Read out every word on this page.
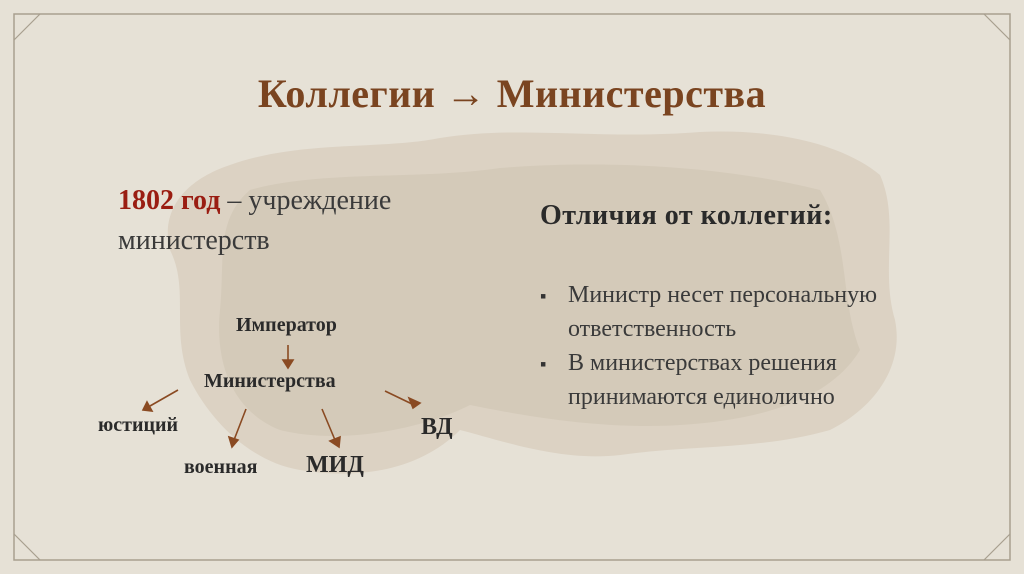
Коллегии → Министерства
1802 год – учреждение министерств
Отличия от коллегий:
▪ Министр несет персональную ответственность
▪ В министерствах решения принимаются единолично
Император
Министерства
юстиций
военная МИД
ВД
